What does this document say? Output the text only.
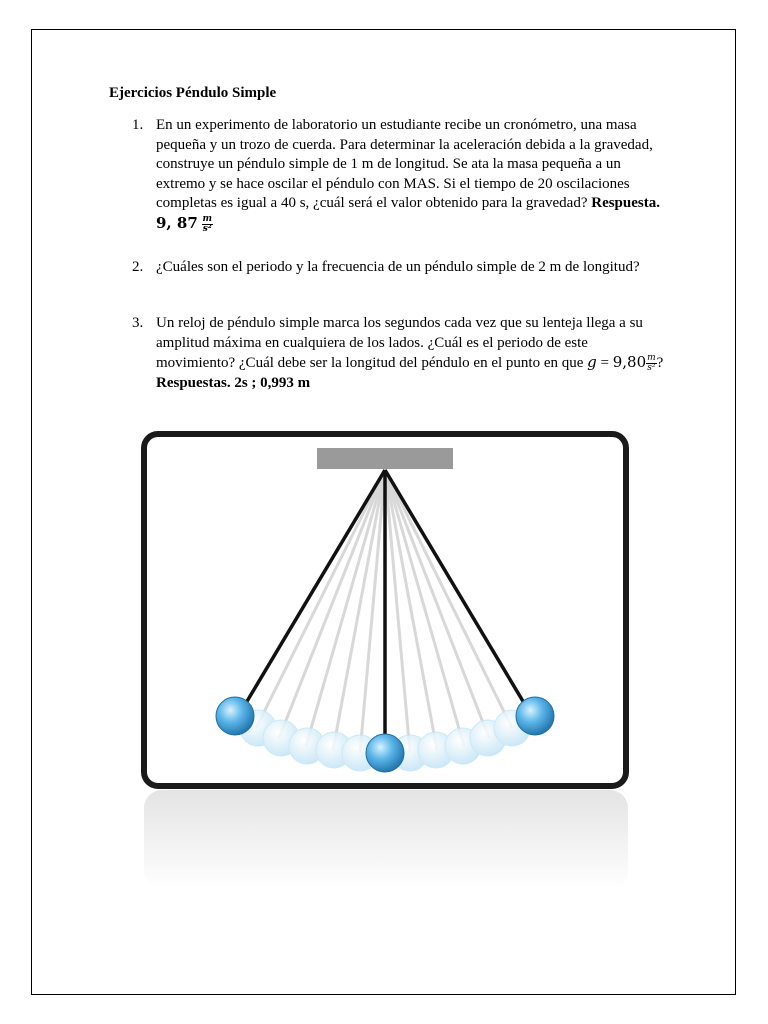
Ejercicios Péndulo Simple
1. En un experimento de laboratorio un estudiante recibe un cronómetro, una masa pequeña y un trozo de cuerda. Para determinar la aceleración debida a la gravedad, construye un péndulo simple de 1 m de longitud. Se ata la masa pequeña a un extremo y se hace oscilar el péndulo con MAS. Si el tiempo de 20 oscilaciones completas es igual a 40 s, ¿cuál será el valor obtenido para la gravedad? Respuesta. 9, $87 \frac{m}{\text{s²}}$
2. ¿Cuáles son el periodo y la frecuencia de un péndulo simple de 2 m de longitud?
3. Un reloj de péndulo simple marca los segundos cada vez que su lenteja llega a su amplitud máxima en cualquiera de los lados. ¿Cuál es el periodo de este movimiento? ¿Cuál debe ser la longitud del péndulo en el punto en que $g = 9,80 \frac{m}{\text{s²}}$ ? Respuestas. 2s ; 0,993 m
